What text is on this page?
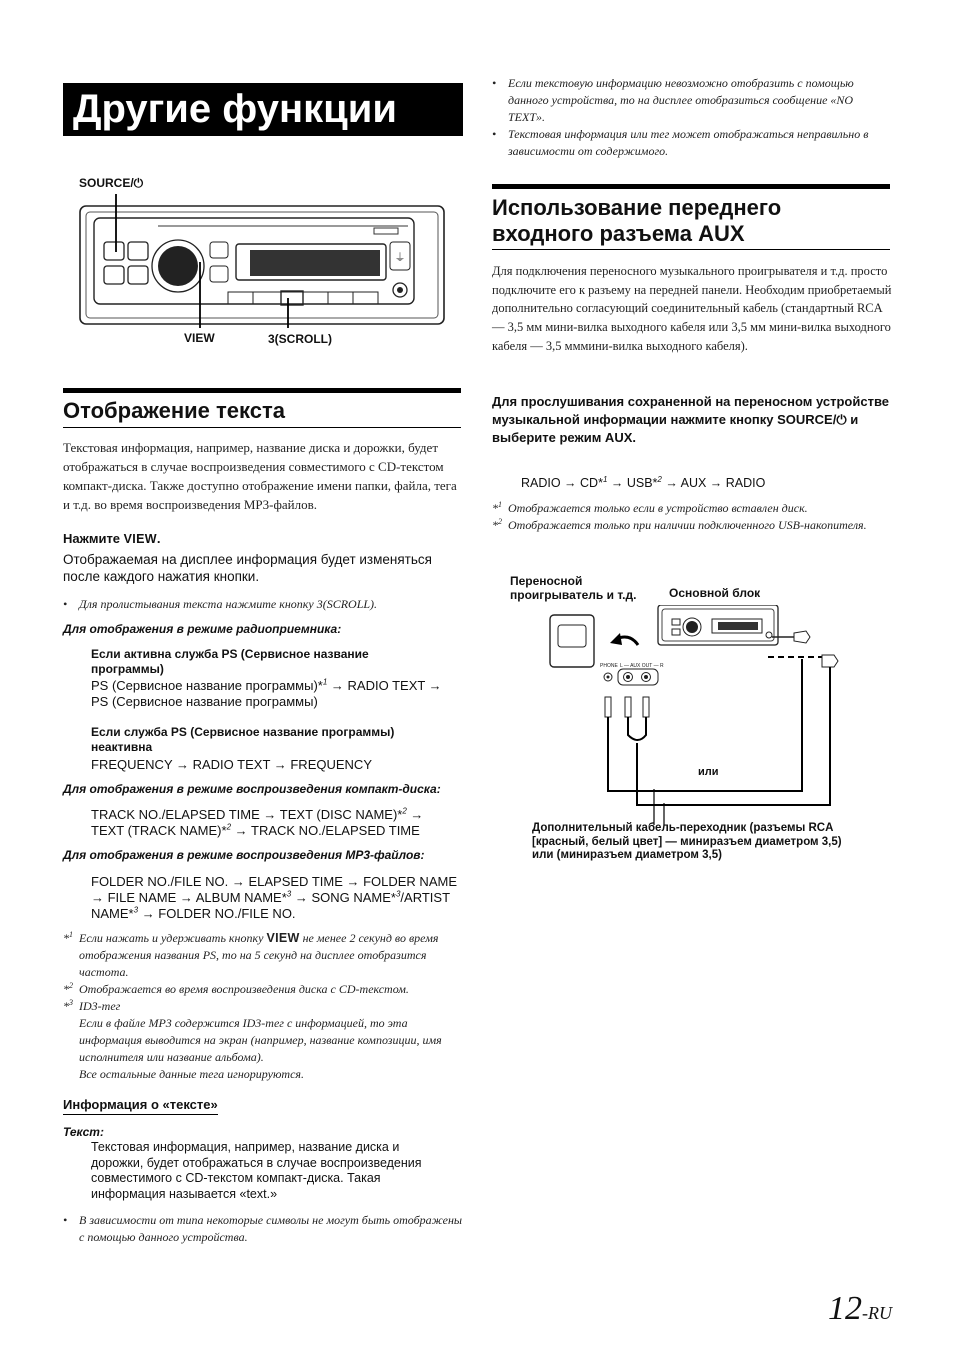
Другие функции
SOURCE/⏻
⏚
VIEW	3(SCROLL)
Отображение текста
Текстовая информация, например, название диска и дорожки, будет отображаться в случае воспроизведения совместимого с CD-текстом компакт-диска. Также доступно отображение имени папки, файла, тега и т.д. во время воспроизведения MP3-файлов.
Нажмите VIEW.
Отображаемая на дисплее информация будет изменяться после каждого нажатия кнопки.
• Для пролистывания текста нажмите кнопку 3(SCROLL).
Для отображения в режиме радиоприемника:
Если активна служба PS (Сервисное название программы)
PS (Сервисное название программы)*$^1$ → RADIO TEXT →
PS (Сервисное название программы)
Если служба PS (Сервисное название программы) неактивна
FREQUENCY → RADIO TEXT → FREQUENCY
Для отображения в режиме воспроизведения компакт-диска:
TRACK NO./ELAPSED TIME → TEXT (DISC NAME)*$^2$ →
TEXT (TRACK NAME)*$^2$ → TRACK NO./ELAPSED TIME
Для отображения в режиме воспроизведения MP3-файлов:
FOLDER NO./FILE NO. → ELAPSED TIME → FOLDER NAME
→ FILE NAME → ALBUM NAME*$^3$ → SONG NAME*$^3$/ARTIST
NAME*$^3$ → FOLDER NO./FILE NO.
*$^1$ Если нажать и удерживать кнопку VIEW не менее 2 секунд во время отображения названия PS, то на 5 секунд на дисплее отобразится частота.
*$^2$ Отображается во время воспроизведения диска с CD-текстом.
*$^3$ ID3-тег
Если в файле MP3 содержится ID3-тег с информацией, то эта информация выводится на экран (например, название композиции, имя исполнителя или название альбома).
Все остальные данные тега игнорируются.
Информация о «тексте»
Текст:
Текстовая информация, например, название диска и дорожки, будет отображаться в случае воспроизведения совместимого с CD-текстом компакт-диска. Такая информация называется «text.»
• В зависимости от типа некоторые символы не могут быть отображены с помощью данного устройства.
• Если текстовую информацию невозможно отобразить с помощью данного устройства, то на дисплее отобразиться сообщение «NO TEXT».
• Текстовая информация или тег может отображаться неправильно в зависимости от содержимого.
Использование переднего
входного разъема AUX
Для подключения переносного музыкального проигрывателя и т.д. просто подключите его к разъему на передней панели. Необходим приобретаемый дополнительно согласующий соединительный кабель (стандартный RCA — 3,5 мм мини-вилка выходного кабеля или 3,5 мм мини-вилка выходного кабеля — 3,5 мммини-вилка выходного кабеля).
Для прослушивания сохраненной на переносном устройстве музыкальной информации нажмите кнопку SOURCE/⏻ и выберите режим AUX.
RADIO → CD*$^1$ → USB*$^2$ → AUX → RADIO
*$^1$ Отображается только если в устройство вставлен диск.
*$^2$ Отображается только при наличии подключенного USB-накопителя.
Переносной
проигрыватель и т.д.	Основной блок
PHONE L — AUX OUT — R
или
Дополнительный кабель-переходник (разъемы RCA [красный, белый цвет] — миниразъем диаметром 3,5) или (миниразъем диаметром 3,5)
12-RU
